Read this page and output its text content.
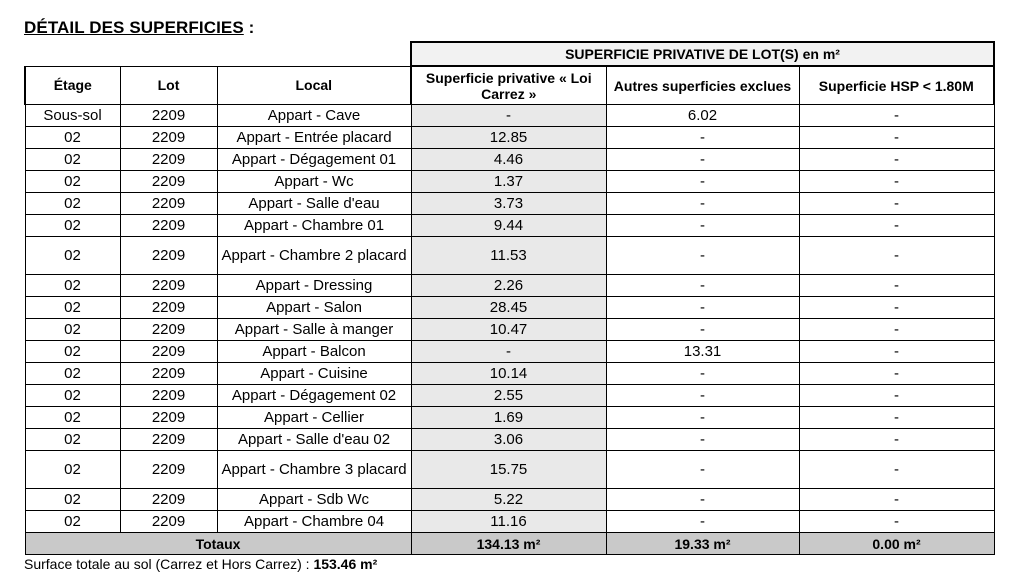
DÉTAIL DES SUPERFICIES :
			SUPERFICIE PRIVATIVE DE LOT(S) en m²		
Étage	Lot	Local	Superficie privative « Loi Carrez »	Autres superficies exclues	Superficie HSP < 1.80M
Sous-sol	2209	Appart - Cave	-	6.02	-
02	2209	Appart - Entrée placard	12.85	-	-
02	2209	Appart - Dégagement 01	4.46	-	-
02	2209	Appart - Wc	1.37	-	-
02	2209	Appart - Salle d'eau	3.73	-	-
02	2209	Appart - Chambre 01	9.44	-	-
02	2209	Appart - Chambre 2 placard	11.53	-	-
02	2209	Appart - Dressing	2.26	-	-
02	2209	Appart - Salon	28.45	-	-
02	2209	Appart - Salle à manger	10.47	-	-
02	2209	Appart - Balcon	-	13.31	-
02	2209	Appart - Cuisine	10.14	-	-
02	2209	Appart - Dégagement 02	2.55	-	-
02	2209	Appart - Cellier	1.69	-	-
02	2209	Appart - Salle d'eau 02	3.06	-	-
02	2209	Appart - Chambre 3 placard	15.75	-	-
02	2209	Appart - Sdb Wc	5.22	-	-
02	2209	Appart - Chambre 04	11.16	-	-
Totaux			134.13 m²	19.33 m²	0.00 m²
Surface totale au sol (Carrez et Hors Carrez) : 153.46 m²
